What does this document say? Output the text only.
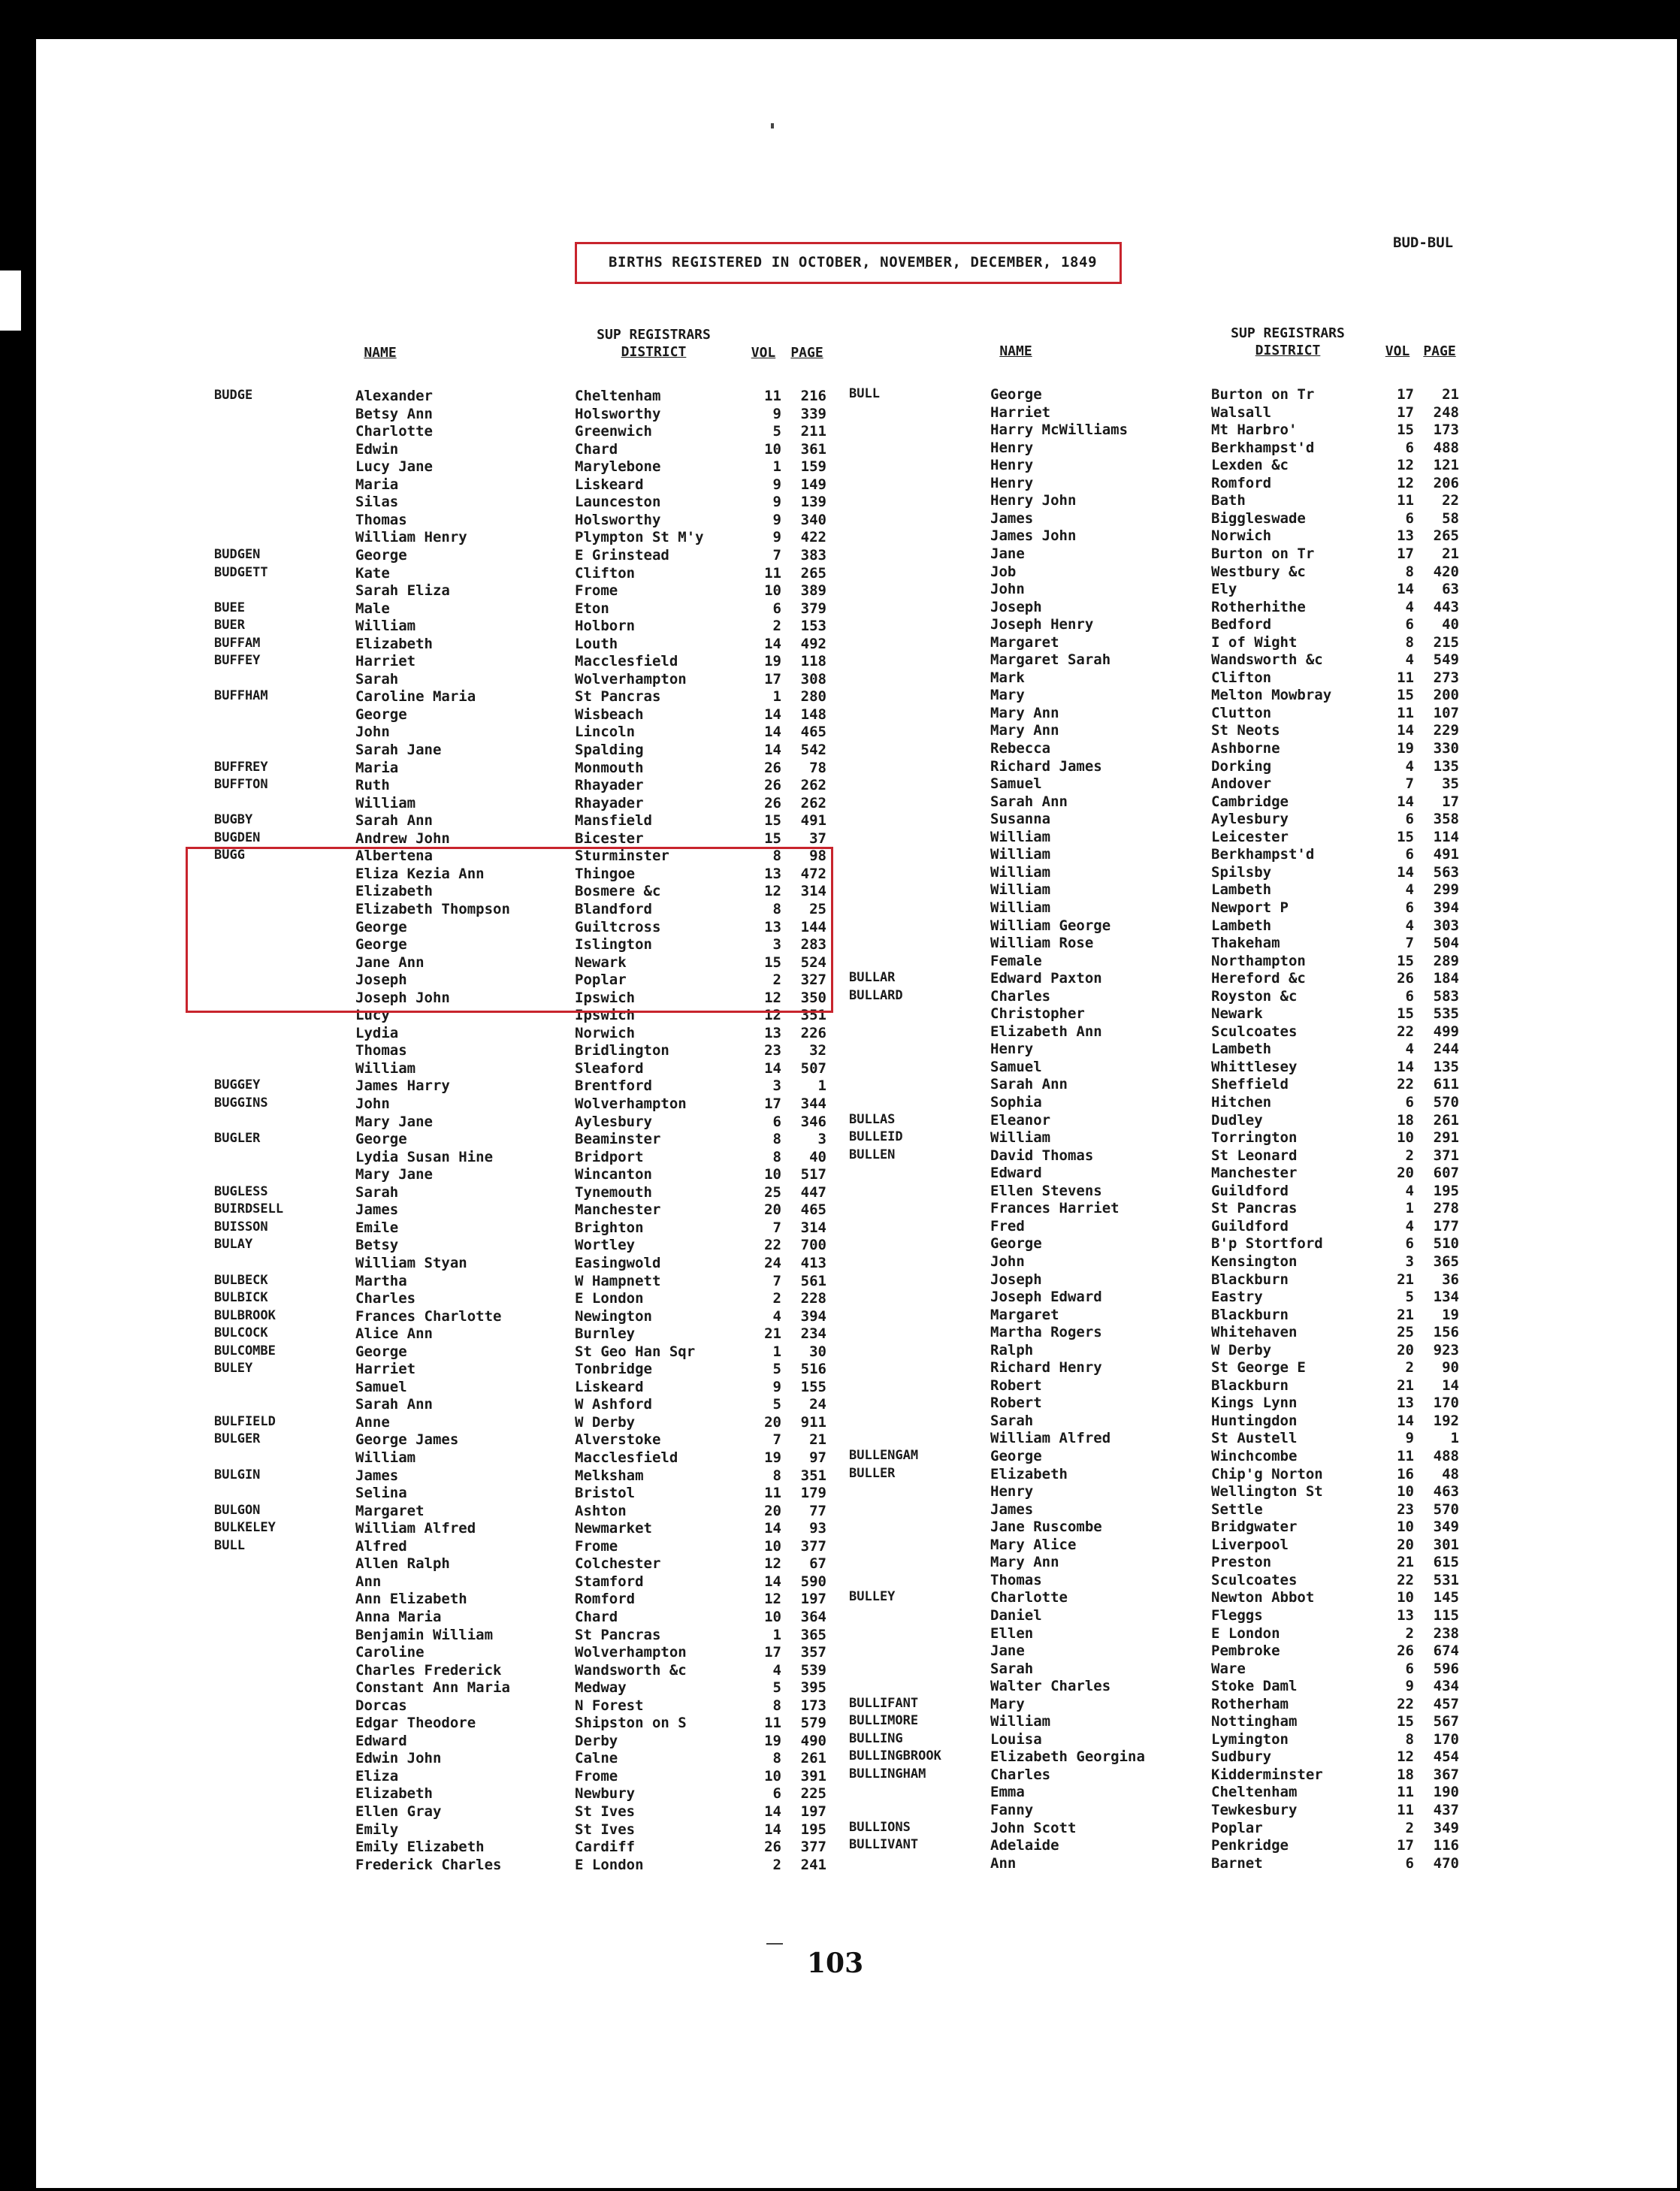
BIRTHS REGISTERED IN OCTOBER, NOVEMBER, DECEMBER, 1849
BUD-BUL
NAME
SUP REGISTRARS
DISTRICT	VOL	PAGE	NAME
SUP REGISTRARS
DISTRICT	VOL	PAGE
BUDGE	Alexander	Cheltenham	11	216
Betsy Ann	Holsworthy	9	339
Charlotte	Greenwich	5	211
Edwin	Chard	10	361
Lucy Jane	Marylebone	1	159
Maria	Liskeard	9	149
Silas	Launceston	9	139
Thomas	Holsworthy	9	340
William Henry	Plympton St M'y	9	422
BUDGEN	George	E Grinstead	7	383
BUDGETT	Kate	Clifton	11	265
Sarah Eliza	Frome	10	389
BUEE	Male	Eton	6	379
BUER	William	Holborn	2	153
BUFFAM	Elizabeth	Louth	14	492
BUFFEY	Harriet	Macclesfield	19	118
Sarah	Wolverhampton	17	308
BUFFHAM	Caroline Maria	St Pancras	1	280
George	Wisbeach	14	148
John	Lincoln	14	465
Sarah Jane	Spalding	14	542
BUFFREY	Maria	Monmouth	26	78
BUFFTON	Ruth	Rhayader	26	262
William	Rhayader	26	262
BUGBY	Sarah Ann	Mansfield	15	491
BUGDEN	Andrew John	Bicester	15	37
BUGG	Albertena	Sturminster	8	98
Eliza Kezia Ann	Thingoe	13	472
Elizabeth	Bosmere &c	12	314
Elizabeth Thompson	Blandford	8	25
George	Guiltcross	13	144
George	Islington	3	283
Jane Ann	Newark	15	524
Joseph	Poplar	2	327
Joseph John	Ipswich	12	350
Lucy	Ipswich	12	351
Lydia	Norwich	13	226
Thomas	Bridlington	23	32
William	Sleaford	14	507
BUGGEY	James Harry	Brentford	3	1
BUGGINS	John	Wolverhampton	17	344
Mary Jane	Aylesbury	6	346
BUGLER	George	Beaminster	8	3
Lydia Susan Hine	Bridport	8	40
Mary Jane	Wincanton	10	517
BUGLESS	Sarah	Tynemouth	25	447
BUIRDSELL	James	Manchester	20	465
BUISSON	Emile	Brighton	7	314
BULAY	Betsy	Wortley	22	700
William Styan	Easingwold	24	413
BULBECK	Martha	W Hampnett	7	561
BULBICK	Charles	E London	2	228
BULBROOK	Frances Charlotte	Newington	4	394
BULCOCK	Alice Ann	Burnley	21	234
BULCOMBE	George	St Geo Han Sqr	1	30
BULEY	Harriet	Tonbridge	5	516
Samuel	Liskeard	9	155
Sarah Ann	W Ashford	5	24
BULFIELD	Anne	W Derby	20	911
BULGER	George James	Alverstoke	7	21
William	Macclesfield	19	97
BULGIN	James	Melksham	8	351
Selina	Bristol	11	179
BULGON	Margaret	Ashton	20	77
BULKELEY	William Alfred	Newmarket	14	93
BULL	Alfred	Frome	10	377
Allen Ralph	Colchester	12	67
Ann	Stamford	14	590
Ann Elizabeth	Romford	12	197
Anna Maria	Chard	10	364
Benjamin William	St Pancras	1	365
Caroline	Wolverhampton	17	357
Charles Frederick	Wandsworth &c	4	539
Constant Ann Maria	Medway	5	395
Dorcas	N Forest	8	173
Edgar Theodore	Shipston on S	11	579
Edward	Derby	19	490
Edwin John	Calne	8	261
Eliza	Frome	10	391
Elizabeth	Newbury	6	225
Ellen Gray	St Ives	14	197
Emily	St Ives	14	195
Emily Elizabeth	Cardiff	26	377
Frederick Charles	E London	2	241
BULL	George	Burton on Tr	17	21
Harriet	Walsall	17	248
Harry McWilliams	Mt Harbro'	15	173
Henry	Berkhampst'd	6	488
Henry	Lexden &c	12	121
Henry	Romford	12	206
Henry John	Bath	11	22
James	Biggleswade	6	58
James John	Norwich	13	265
Jane	Burton on Tr	17	21
Job	Westbury &c	8	420
John	Ely	14	63
Joseph	Rotherhithe	4	443
Joseph Henry	Bedford	6	40
Margaret	I of Wight	8	215
Margaret Sarah	Wandsworth &c	4	549
Mark	Clifton	11	273
Mary	Melton Mowbray	15	200
Mary Ann	Clutton	11	107
Mary Ann	St Neots	14	229
Rebecca	Ashborne	19	330
Richard James	Dorking	4	135
Samuel	Andover	7	35
Sarah Ann	Cambridge	14	17
Susanna	Aylesbury	6	358
William	Leicester	15	114
William	Berkhampst'd	6	491
William	Spilsby	14	563
William	Lambeth	4	299
William	Newport P	6	394
William George	Lambeth	4	303
William Rose	Thakeham	7	504
Female	Northampton	15	289
BULLAR	Edward Paxton	Hereford &c	26	184
BULLARD	Charles	Royston &c	6	583
Christopher	Newark	15	535
Elizabeth Ann	Sculcoates	22	499
Henry	Lambeth	4	244
Samuel	Whittlesey	14	135
Sarah Ann	Sheffield	22	611
Sophia	Hitchen	6	570
BULLAS	Eleanor	Dudley	18	261
BULLEID	William	Torrington	10	291
BULLEN	David Thomas	St Leonard	2	371
Edward	Manchester	20	607
Ellen Stevens	Guildford	4	195
Frances Harriet	St Pancras	1	278
Fred	Guildford	4	177
George	B'p Stortford	6	510
John	Kensington	3	365
Joseph	Blackburn	21	36
Joseph Edward	Eastry	5	134
Margaret	Blackburn	21	19
Martha Rogers	Whitehaven	25	156
Ralph	W Derby	20	923
Richard Henry	St George E	2	90
Robert	Blackburn	21	14
Robert	Kings Lynn	13	170
Sarah	Huntingdon	14	192
William Alfred	St Austell	9	1
BULLENGAM	George	Winchcombe	11	488
BULLER	Elizabeth	Chip'g Norton	16	48
Henry	Wellington St	10	463
James	Settle	23	570
Jane Ruscombe	Bridgwater	10	349
Mary Alice	Liverpool	20	301
Mary Ann	Preston	21	615
Thomas	Sculcoates	22	531
BULLEY	Charlotte	Newton Abbot	10	145
Daniel	Fleggs	13	115
Ellen	E London	2	238
Jane	Pembroke	26	674
Sarah	Ware	6	596
Walter Charles	Stoke Daml	9	434
BULLIFANT	Mary	Rotherham	22	457
BULLIMORE	William	Nottingham	15	567
BULLING	Louisa	Lymington	8	170
BULLINGBROOK	Elizabeth Georgina	Sudbury	12	454
BULLINGHAM	Charles	Kidderminster	18	367
Emma	Cheltenham	11	190
Fanny	Tewkesbury	11	437
BULLIONS	John Scott	Poplar	2	349
BULLIVANT	Adelaide	Penkridge	17	116
Ann	Barnet	6	470
103
